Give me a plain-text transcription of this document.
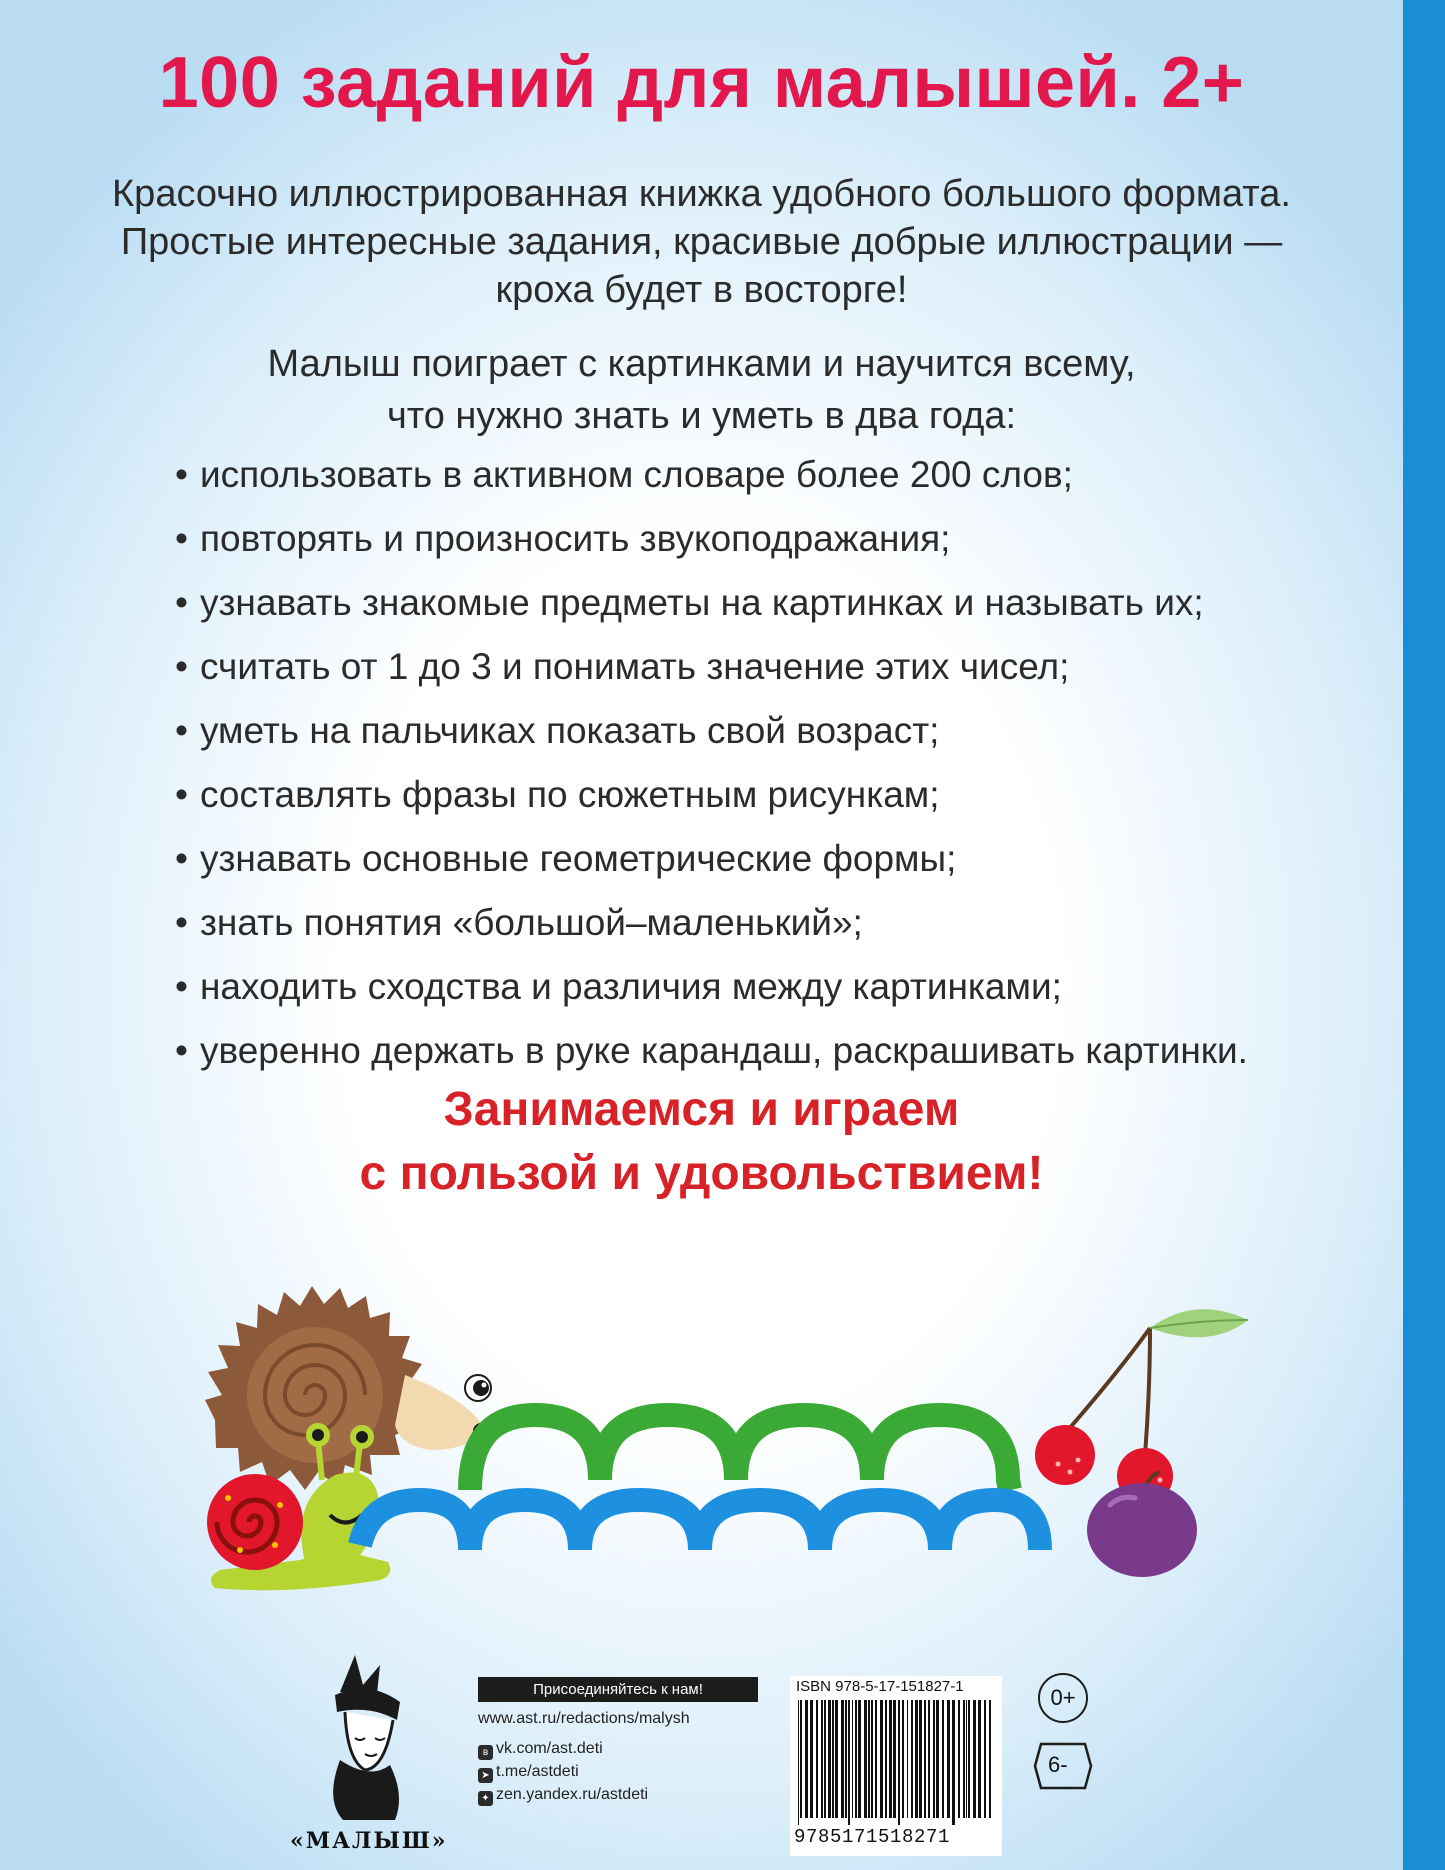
100 заданий для малышей. 2+
Красочно иллюстрированная книжка удобного большого формата.
Простые интересные задания, красивые добрые иллюстрации —
кроха будет в восторге!
Малыш поиграет с картинками и научится всему,
что нужно знать и уметь в два года:
• использовать в активном словаре более 200 слов;
• повторять и произносить звукоподражания;
• узнавать знакомые предметы на картинках и называть их;
• считать от 1 до 3 и понимать значение этих чисел;
• уметь на пальчиках показать свой возраст;
• составлять фразы по сюжетным рисункам;
• узнавать основные геометрические формы;
• знать понятия «большой–маленький»;
• находить сходства и различия между картинками;
• уверенно держать в руке карандаш, раскрашивать картинки.
Занимаемся и играем
с пользой и удовольствием!
«МАЛЫШ»
Присоединяйтесь к нам!
www.ast.ru/redactions/malysh
в vk.com/ast.deti
➤ t.me/astdeti
✦ zen.yandex.ru/astdeti
ISBN 978-5-17-151827-1
9785171518271
0+
6-
